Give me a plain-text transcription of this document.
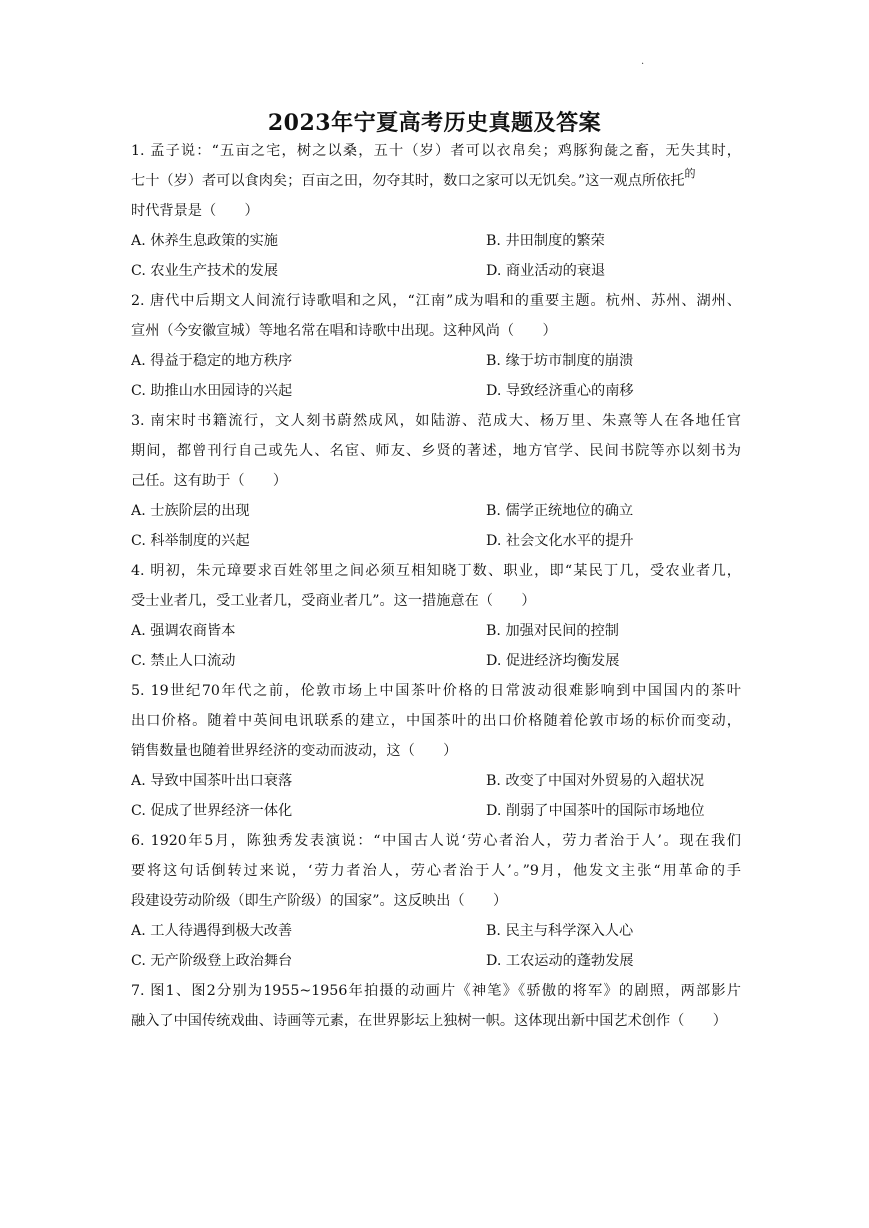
.
2023年宁夏高考历史真题及答案
1. 孟子说：“五亩之宅，树之以桑，五十（岁）者可以衣帛矣；鸡豚狗彘之畜，无失其时，
七十（岁）者可以食肉矣；百亩之田，勿夺其时，数口之家可以无饥矣。”这一观点所依托$^的$
时代背景是（　　）
A. 休养生息政策的实施	B. 井田制度的繁荣
C. 农业生产技术的发展	D. 商业活动的衰退
2. 唐代中后期文人间流行诗歌唱和之风，“江南”成为唱和的重要主题。杭州、苏州、湖州、
宣州（今安徽宣城）等地名常在唱和诗歌中出现。这种风尚（　　）
A. 得益于稳定的地方秩序	B. 缘于坊市制度的崩溃
C. 助推山水田园诗的兴起	D. 导致经济重心的南移
3. 南宋时书籍流行，文人刻书蔚然成风，如陆游、范成大、杨万里、朱熹等人在各地任官
期间，都曾刊行自己或先人、名宦、师友、乡贤的著述，地方官学、民间书院等亦以刻书为
己任。这有助于（　　）
A. 士族阶层的出现	B. 儒学正统地位的确立
C. 科举制度的兴起	D. 社会文化水平的提升
4. 明初，朱元璋要求百姓邻里之间必须互相知晓丁数、职业，即“某民丁几，受农业者几，
受士业者几，受工业者几，受商业者几”。这一措施意在（　　）
A. 强调农商皆本	B. 加强对民间的控制
C. 禁止人口流动	D. 促进经济均衡发展
5. 19世纪70年代之前，伦敦市场上中国茶叶价格的日常波动很难影响到中国国内的茶叶
出口价格。随着中英间电讯联系的建立，中国茶叶的出口价格随着伦敦市场的标价而变动，
销售数量也随着世界经济的变动而波动，这（　　）
A. 导致中国茶叶出口衰落	B. 改变了中国对外贸易的入超状况
C. 促成了世界经济一体化	D. 削弱了中国茶叶的国际市场地位
6. 1920年5月，陈独秀发表演说：“中国古人说‘劳心者治人，劳力者治于人’。现在我们
要将这句话倒转过来说，‘劳力者治人，劳心者治于人’。”9月，他发文主张“用革命的手
段建设劳动阶级（即生产阶级）的国家”。这反映出（　　）
A. 工人待遇得到极大改善	B. 民主与科学深入人心
C. 无产阶级登上政治舞台	D. 工农运动的蓬勃发展
7. 图1、图2分别为1955~1956年拍摄的动画片《神笔》《骄傲的将军》的剧照，两部影片
融入了中国传统戏曲、诗画等元素，在世界影坛上独树一帜。这体现出新中国艺术创作（　　）
